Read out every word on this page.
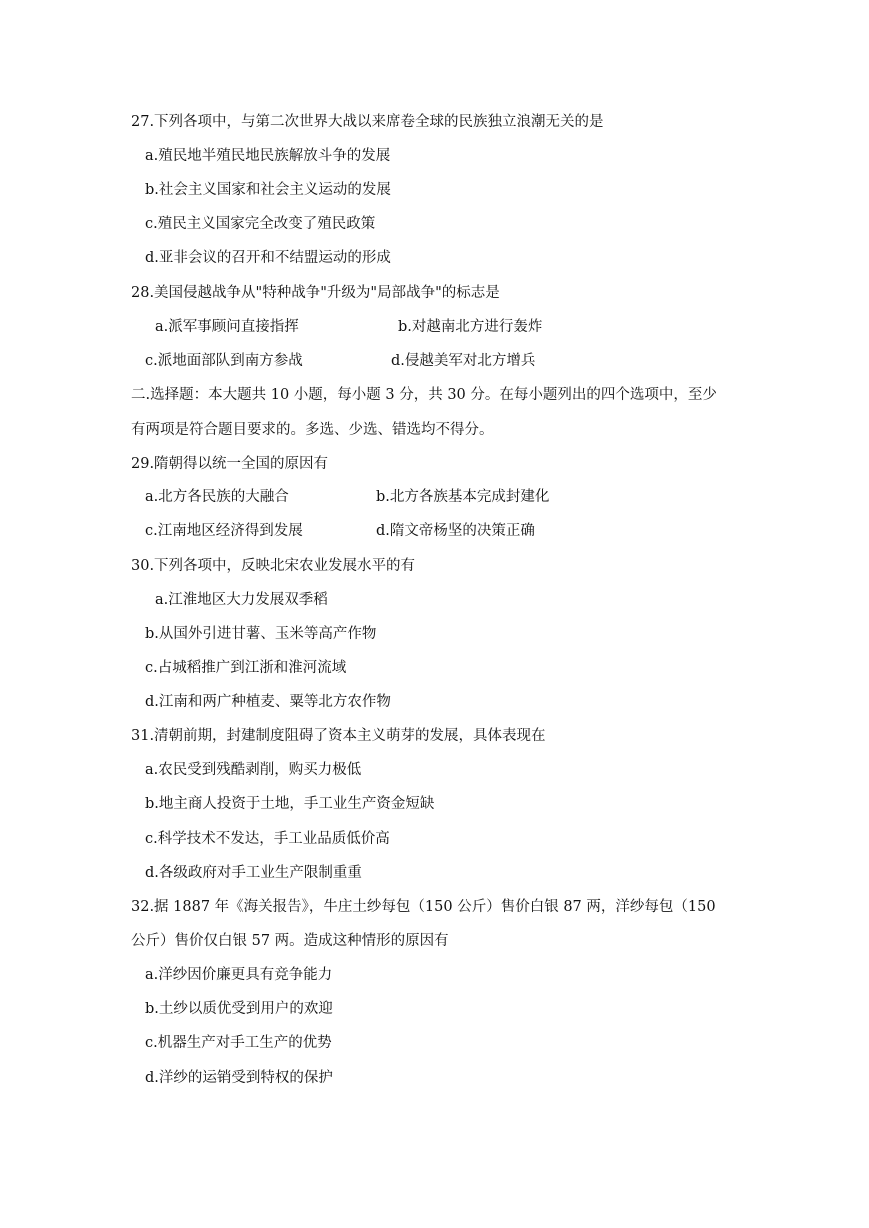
27.下列各项中，与第二次世界大战以来席卷全球的民族独立浪潮无关的是
a.殖民地半殖民地民族解放斗争的发展
b.社会主义国家和社会主义运动的发展
c.殖民主义国家完全改变了殖民政策
d.亚非会议的召开和不结盟运动的形成
28.美国侵越战争从"特种战争"升级为"局部战争"的标志是
a.派军事顾问直接指挥	b.对越南北方进行轰炸
c.派地面部队到南方参战	d.侵越美军对北方增兵
二.选择题：本大题共 10 小题，每小题 3 分，共 30 分。在每小题列出的四个选项中，至少
有两项是符合题目要求的。多选、少选、错选均不得分。
29.隋朝得以统一全国的原因有
a.北方各民族的大融合	b.北方各族基本完成封建化
c.江南地区经济得到发展	d.隋文帝杨坚的决策正确
30.下列各项中，反映北宋农业发展水平的有
a.江淮地区大力发展双季稻
b.从国外引进甘薯、玉米等高产作物
c.占城稻推广到江浙和淮河流域
d.江南和两广种植麦、粟等北方农作物
31.清朝前期，封建制度阻碍了资本主义萌芽的发展，具体表现在
a.农民受到残酷剥削，购买力极低
b.地主商人投资于土地，手工业生产资金短缺
c.科学技术不发达，手工业品质低价高
d.各级政府对手工业生产限制重重
32.据 1887 年《海关报告》，牛庄土纱每包（150 公斤）售价白银 87 两，洋纱每包（150
公斤）售价仅白银 57 两。造成这种情形的原因有
a.洋纱因价廉更具有竞争能力
b.土纱以质优受到用户的欢迎
c.机器生产对手工生产的优势
d.洋纱的运销受到特权的保护
